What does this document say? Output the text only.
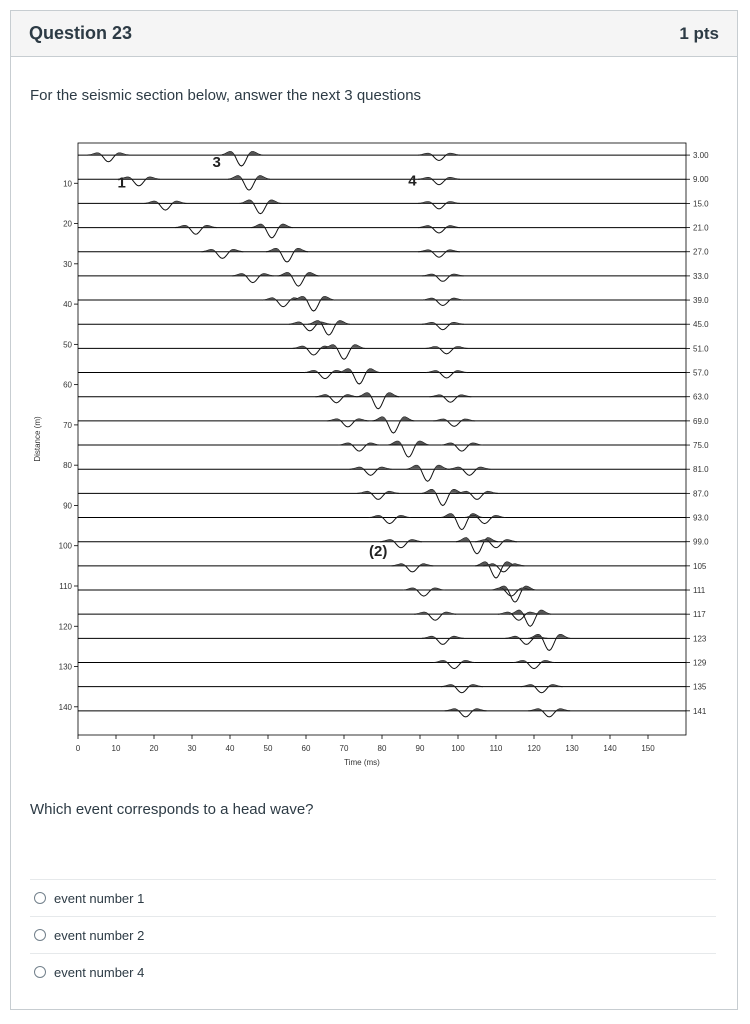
Question 23	1 pts
For the seismic section below, answer the next 3 questions
3.00
9.00
15.0
21.0
27.0
33.0
39.0
45.0
51.0
57.0
63.0
69.0
75.0
81.0
87.0
93.0
99.0
105
111
117
123
129
135
141
0	10	20	30	40	50	60	70	80	90	100	110	120	130	140	150
Time (ms)
10
20
30
40
50
60
70
80
90
100
110
120
130
140
Distance (m)
1
(2)
3
4
Which event corresponds to a head wave?
event number 1
event number 2
event number 4
